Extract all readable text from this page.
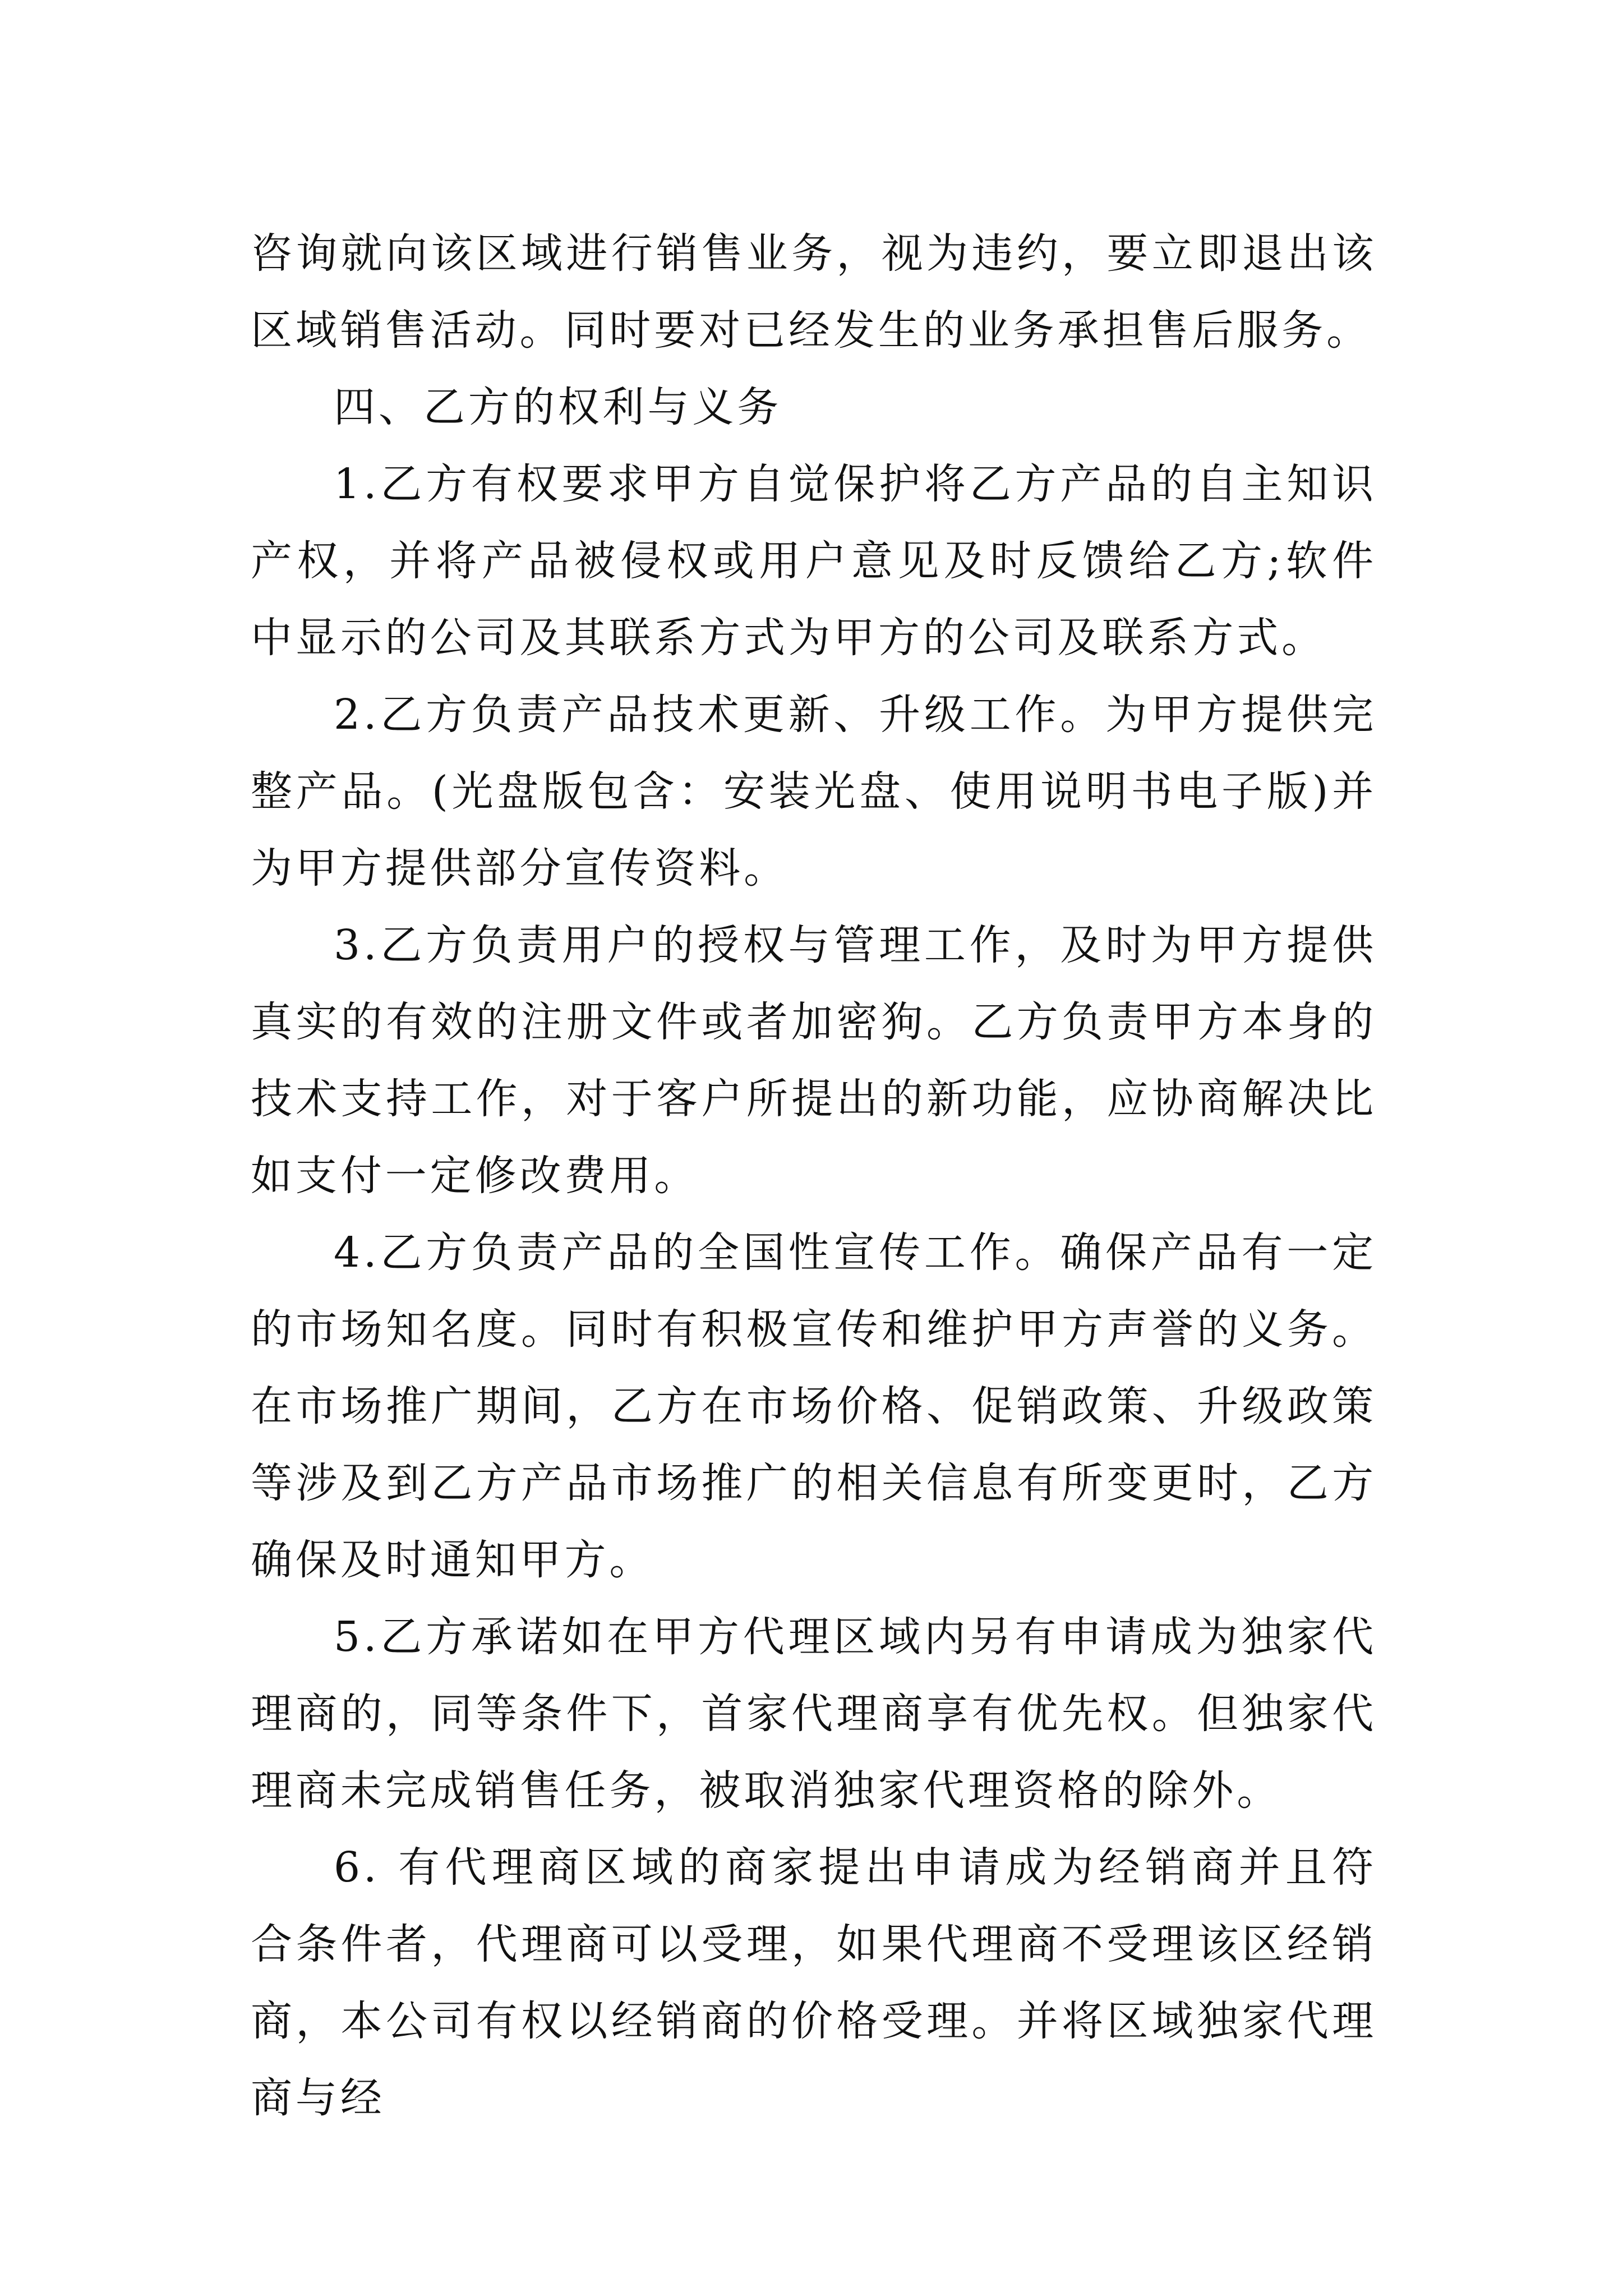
咨询就向该区域进行销售业务，视为违约，要立即退出该区域销售活动。同时要对已经发生的业务承担售后服务。

四、乙方的权利与义务

1.乙方有权要求甲方自觉保护将乙方产品的自主知识产权，并将产品被侵权或用户意见及时反馈给乙方;软件中显示的公司及其联系方式为甲方的公司及联系方式。

2.乙方负责产品技术更新、升级工作。为甲方提供完整产品。(光盘版包含：安装光盘、使用说明书电子版)并为甲方提供部分宣传资料。

3.乙方负责用户的授权与管理工作，及时为甲方提供真实的有效的注册文件或者加密狗。乙方负责甲方本身的技术支持工作，对于客户所提出的新功能，应协商解决比如支付一定修改费用。

4.乙方负责产品的全国性宣传工作。确保产品有一定的市场知名度。同时有积极宣传和维护甲方声誉的义务。在市场推广期间，乙方在市场价格、促销政策、升级政策等涉及到乙方产品市场推广的相关信息有所变更时，乙方确保及时通知甲方。

5.乙方承诺如在甲方代理区域内另有申请成为独家代理商的，同等条件下，首家代理商享有优先权。但独家代理商未完成销售任务，被取消独家代理资格的除外。

6. 有代理商区域的商家提出申请成为经销商并且符合条件者，代理商可以受理，如果代理商不受理该区经销商，本公司有权以经销商的价格受理。并将区域独家代理商与经
